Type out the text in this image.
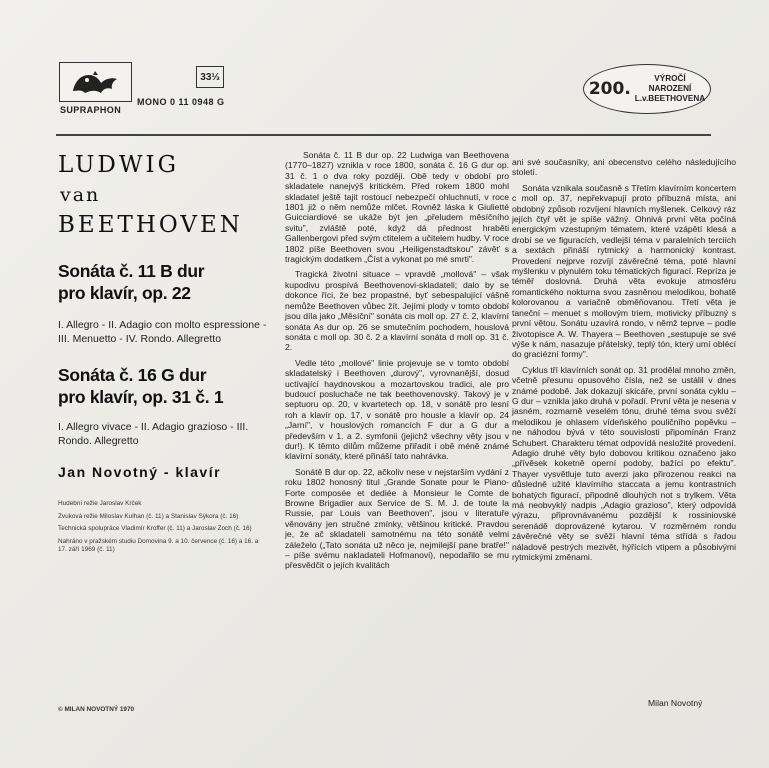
SUPRAPHON
33⅓
MONO 0 11 0948 G
200.
VÝROČÍ
NAROZENÍ
L.v.BEETHOVENA
LUDWIG
van
BEETHOVEN
Sonáta č. 11 B dur
pro klavír, op. 22
I. Allegro - II. Adagio con molto espressione - III. Menuetto - IV. Rondo. Allegretto
Sonáta č. 16 G dur
pro klavír, op. 31 č. 1
I. Allegro vivace - II. Adagio grazioso - III. Rondo. Allegretto
Jan Novotný - klavír
Hudební režie Jaroslav Krček
Zvuková režie Miloslav Kulhan (č. 11) a Stanislav Sýkora (č. 16)
Technická spolupráce Vladimír Kroffer (č. 11) a Jaroslav Zoch (č. 16)
Nahráno v pražském studiu Domovina 9. a 10. července (č. 16) a 16. a 17. září 1969 (č. 11)
© MILAN NOVOTNÝ 1970

Sonáta č. 11 B dur op. 22 Ludwiga van Beethovena (1770–1827) vznikla v roce 1800, sonáta č. 16 G dur op. 31 č. 1 o dva roky později. Obě tedy v období pro skladatele nanejvýš kritickém. Před rokem 1800 mohl skladatel ještě tajit rostoucí nebezpečí ohluchnutí, v roce 1801 již o něm nemůže mlčet. Rovněž láska k Giulietté Guicciardiové se ukáže být jen „přeludem měsíčního svitu", zvláště poté, když dá přednost hraběti Gallenbergovi před svým ctitelem a učitelem hudby. V roce 1802 píše Beethoven svou „Heiligenstadtskou" závěť s tragickým dodatkem „Číst a vykonat po mé smrti".

Tragická životní situace – vpravdě „mollová" – však kupodivu prospívá Beethovenovi-skladateli; dalo by se dokonce říci, že bez propastné, byť sebespalující vášně nemůže Beethoven vůbec žít. Jejími plody v tomto období jsou díla jako „Měsíční" sonáta cis moll op. 27 č. 2, klavírní sonáta As dur op. 26 se smutečním pochodem, houslová sonáta c moll op. 30 č. 2 a klavírní sonáta d moll op. 31 č. 2.

Vedle této „mollové" linie projevuje se v tomto období skladatelský i Beethoven „durový", vyrovnanější, dosud uctívající haydnovskou a mozartovskou tradici, ale pro budoucí posluchače ne tak beethovenovský. Takový je v septuoru op. 20, v kvartetech op. 18, v sonátě pro lesní roh a klavír op. 17, v sonátě pro housle a klavír op. 24 „Jarní", v houslových romancích F dur a G dur a především v 1. a 2. symfonii (jejichž všechny věty jsou v dur!). K těmto dílům můžeme přiřadit i obě méně známé klavírní sonáty, které přináší tato nahrávka.

Sonátě B dur op. 22, ačkoliv nese v nejstarším vydání z roku 1802 honosný titul „Grande Sonate pour le Piano-Forte composée et dediée à Monsieur le Comte de Browne Brigadier aux Service de S. M. J. de toute la Russie, par Louis van Beethoven", jsou v literatuře věnovány jen stručné zmínky, většinou kritické. Pravdou je, že ač skladateli samotnému na této sonátě velmi záleželo („Tato sonáta už něco je, nejmilejší pane bratře!" – píše svému nakladateli Hofmanovi), nepodařilo se mu přesvědčit o jejích kvalitách

ani své současníky, ani obecenstvo celého následujícího století.

Sonáta vznikala současně s Třetím klavírním koncertem c moll op. 37, nepřekvapují proto příbuzná místa, ani obdobný způsob rozvíjení hlavních myšlenek. Celkový ráz jejích čtyř vět je spíše vážný. Ohnivá první věta počíná energickým vzestupným tématem, které vzápětí klesá a drobí se ve figuracích, vedlejší téma v paralelních terciích a sextách přináší rytmický a harmonický kontrast. Provedení nejprve rozvíjí závěrečné téma, poté hlavní myšlenku v plynulém toku tématických figurací. Repríza je téměř doslovná. Druhá věta evokuje atmosféru romantického nokturna svou zasněnou melodikou, bohatě kolorovanou a variačně obměňovanou. Třetí věta je taneční – menuet s mollovým triem, motivicky příbuzný s první větou. Sonátu uzavírá rondo, v němž teprve – podle životopisce A. W. Thayera – Beethoven „sestupuje se své výše k nám, nasazuje přátelský, teplý tón, který umí oblécí do graciézní formy".

Cyklus tří klavírních sonát op. 31 prodělal mnoho změn, včetně přesunu opusového čísla, než se ustálil v dnes známé podobě. Jak dokazují skicáře, první sonáta cyklu – G dur – vznikla jako druhá v pořadí. První věta je nesena v jasném, rozmarně veselém tónu, druhé téma svou svěží melodikou je ohlasem vídeňského pouličního popěvku – ne náhodou bývá v této souvislosti připomínán Franz Schubert. Charakteru témat odpovídá nesložité provedení. Adagio druhé věty bylo dobovou kritikou označeno jako „přívěsek koketně operní podoby, bažící po efektu". Thayer vysvětluje tuto averzi jako přirozenou reakci na důsledně užité klavírního staccata a jemu kontrastních bohatých figurací, připodně dlouhých not s trylkem. Věta má neobvyklý nadpis „Adagio grazioso", který odpovídá výrazu, připrovnávanému pozdější k rossiniovské serenádě doprovázené kytarou. V rozměrném rondu závěrečné věty se svěží hlavní téma střídá s řadou náladově pestrých mezivět, hýřících vtipem a působivými rytmickými změnami.

Milan Novotný
